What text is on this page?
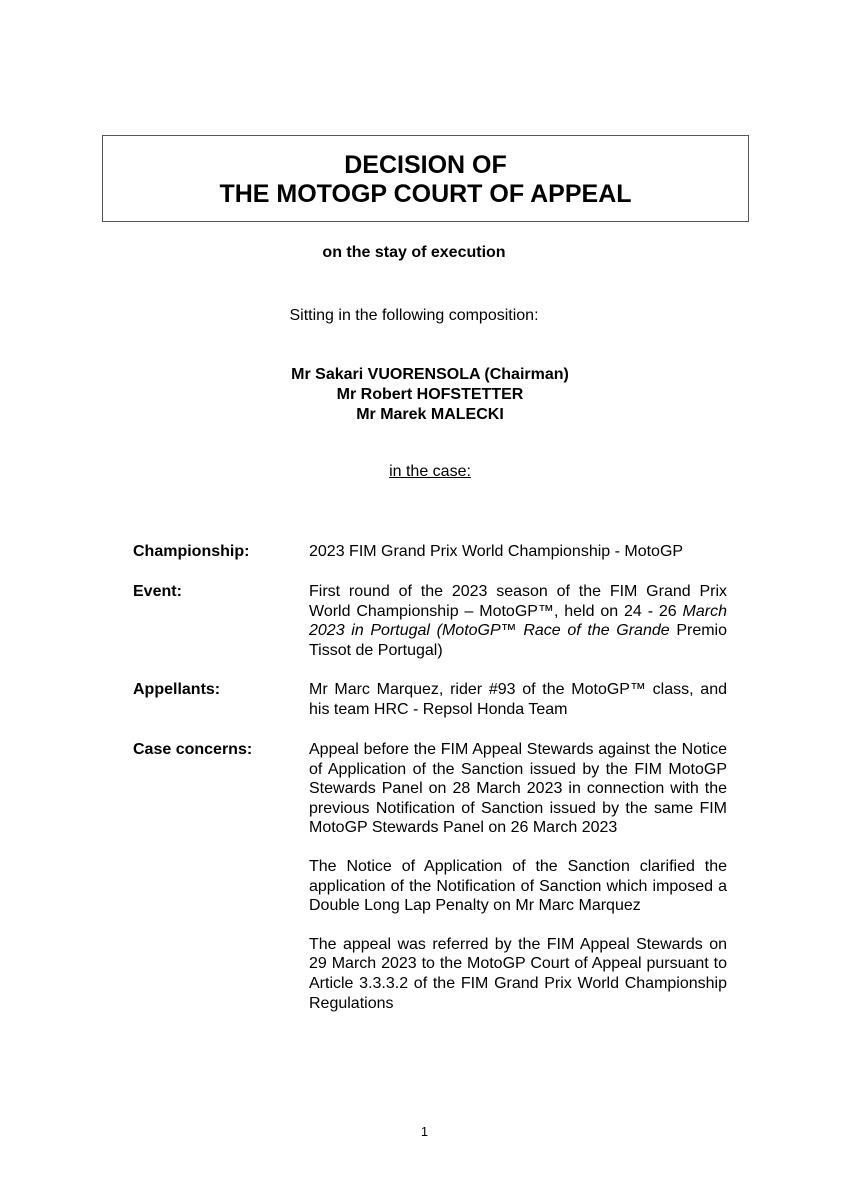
DECISION OF
THE MOTOGP COURT OF APPEAL
on the stay of execution
Sitting in the following composition:
Mr Sakari VUORENSOLA (Chairman)
Mr Robert HOFSTETTER
Mr Marek MALECKI
in the case:
Championship:	2023 FIM Grand Prix World Championship - MotoGP

Event:	First round of the 2023 season of the FIM Grand Prix World Championship – MotoGP™, held on 24 - 26 March 2023 in Portugal (MotoGP™ Race of the Grande Premio Tissot de Portugal)

Appellants:	Mr Marc Marquez, rider #93 of the MotoGP™ class, and his team HRC - Repsol Honda Team

Case concerns:	Appeal before the FIM Appeal Stewards against the Notice of Application of the Sanction issued by the FIM MotoGP Stewards Panel on 28 March 2023 in connection with the previous Notification of Sanction issued by the same FIM MotoGP Stewards Panel on 26 March 2023

The Notice of Application of the Sanction clarified the application of the Notification of Sanction which imposed a Double Long Lap Penalty on Mr Marc Marquez

The appeal was referred by the FIM Appeal Stewards on 29 March 2023 to the MotoGP Court of Appeal pursuant to Article 3.3.3.2 of the FIM Grand Prix World Championship Regulations

1
